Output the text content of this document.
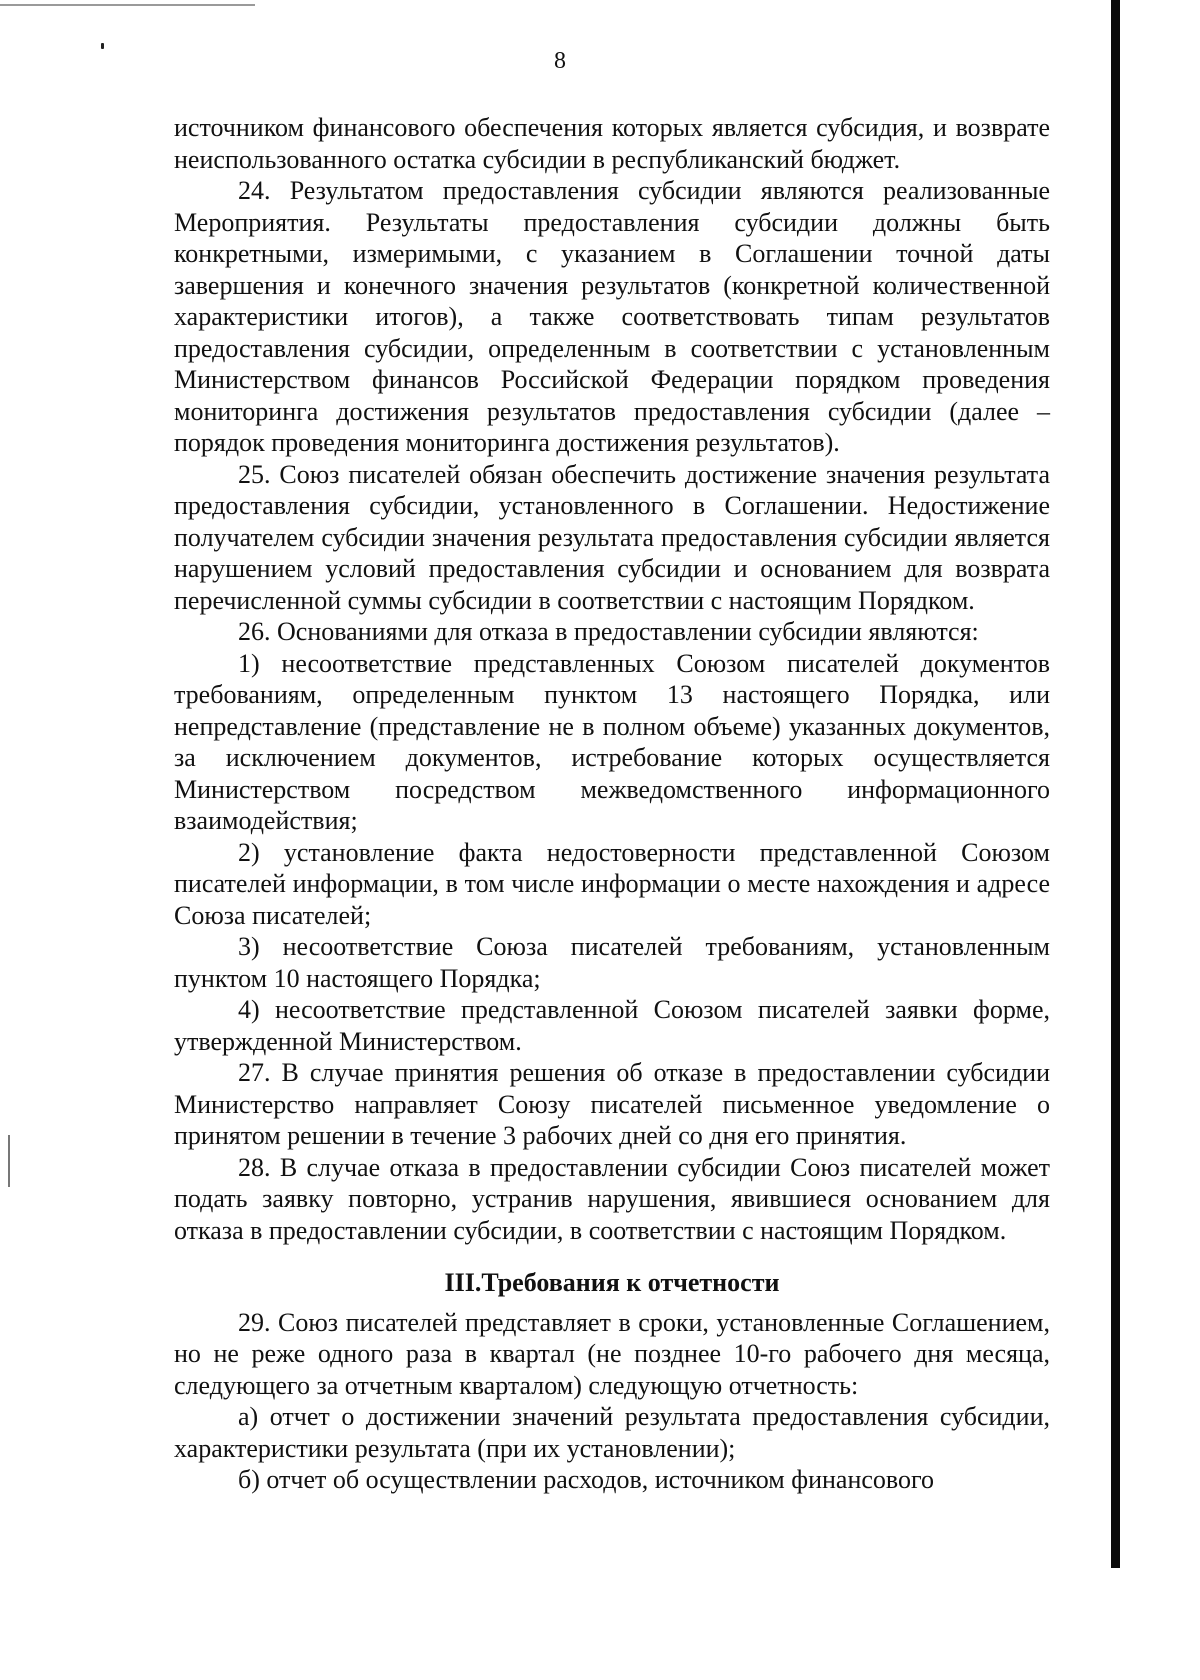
8

источником финансового обеспечения которых является субсидия, и возврате неиспользованного остатка субсидии в республиканский бюджет.

24. Результатом предоставления субсидии являются реализованные Мероприятия. Результаты предоставления субсидии должны быть конкретными, измеримыми, с указанием в Соглашении точной даты завершения и конечного значения результатов (конкретной количественной характеристики итогов), а также соответствовать типам результатов предоставления субсидии, определенным в соответствии с установленным Министерством финансов Российской Федерации порядком проведения мониторинга достижения результатов предоставления субсидии (далее – порядок проведения мониторинга достижения результатов).

25. Союз писателей обязан обеспечить достижение значения результата предоставления субсидии, установленного в Соглашении. Недостижение получателем субсидии значения результата предоставления субсидии является нарушением условий предоставления субсидии и основанием для возврата перечисленной суммы субсидии в соответствии с настоящим Порядком.

26. Основаниями для отказа в предоставлении субсидии являются:

1) несоответствие представленных Союзом писателей документов требованиям, определенным пунктом 13 настоящего Порядка, или непредставление (представление не в полном объеме) указанных документов, за исключением документов, истребование которых осуществляется Министерством посредством межведомственного информационного взаимодействия;

2) установление факта недостоверности представленной Союзом писателей информации, в том числе информации о месте нахождения и адресе Союза писателей;

3) несоответствие Союза писателей требованиям, установленным пунктом 10 настоящего Порядка;

4) несоответствие представленной Союзом писателей заявки форме, утвержденной Министерством.

27. В случае принятия решения об отказе в предоставлении субсидии Министерство направляет Союзу писателей письменное уведомление о принятом решении в течение 3 рабочих дней со дня его принятия.

28. В случае отказа в предоставлении субсидии Союз писателей может подать заявку повторно, устранив нарушения, явившиеся основанием для отказа в предоставлении субсидии, в соответствии с настоящим Порядком.

III.Требования к отчетности

29. Союз писателей представляет в сроки, установленные Соглашением, но не реже одного раза в квартал (не позднее 10-го рабочего дня месяца, следующего за отчетным кварталом) следующую отчетность:

а) отчет о достижении значений результата предоставления субсидии, характеристики результата (при их установлении);

б) отчет об осуществлении расходов, источником финансового
